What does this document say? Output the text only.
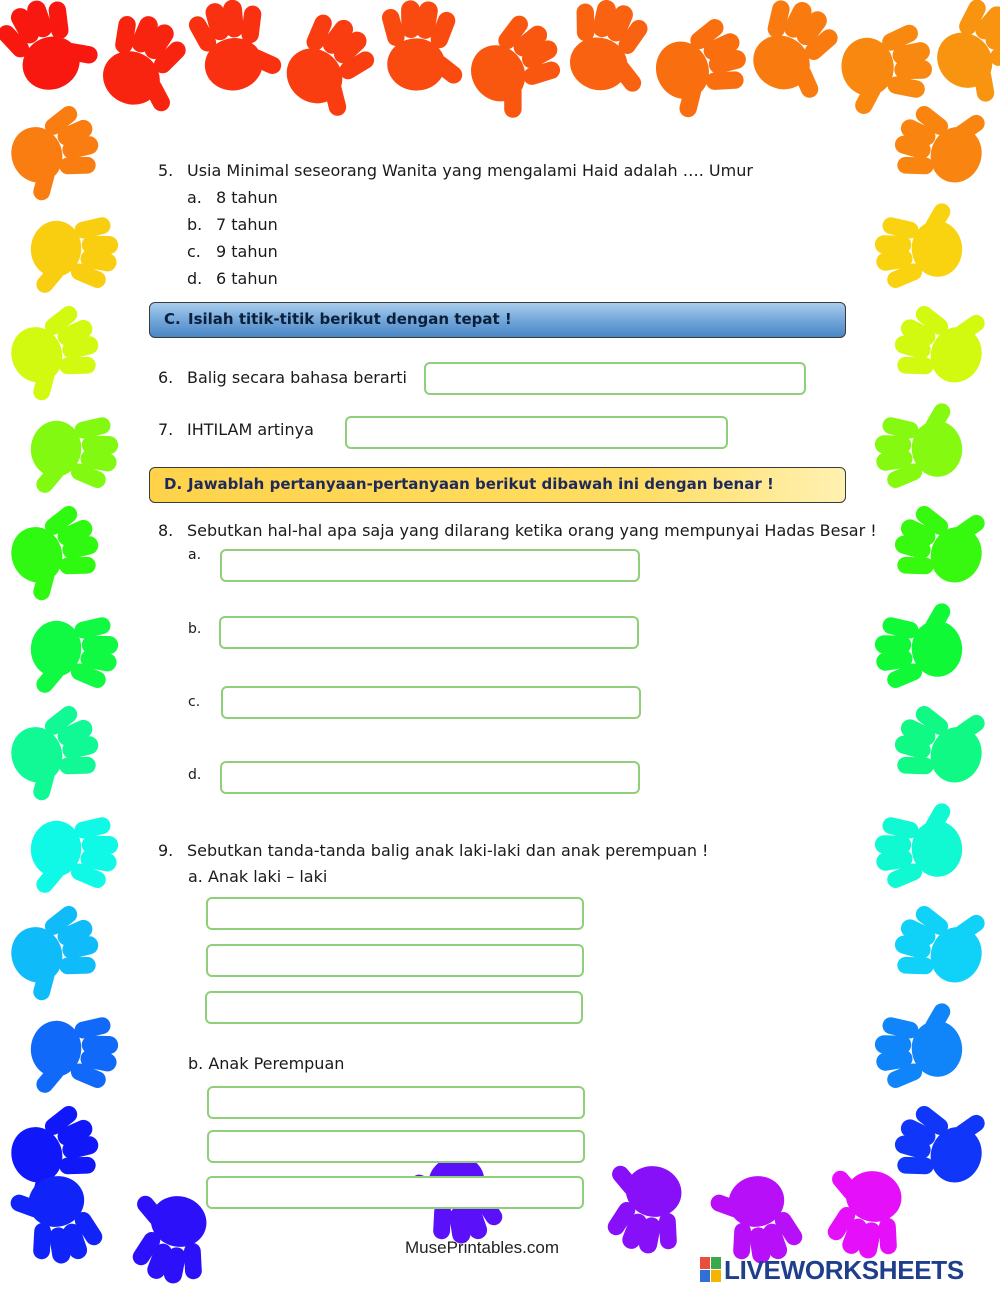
5. Usia Minimal seseorang Wanita yang mengalami Haid adalah …. Umur
a. 8 tahun
b. 7 tahun
c. 9 tahun
d. 6 tahun
C. Isilah titik-titik berikut dengan tepat !
6. Balig secara bahasa berarti
7. IHTILAM artinya
D. Jawablah pertanyaan-pertanyaan berikut dibawah ini dengan benar !
8. Sebutkan hal-hal apa saja yang dilarang ketika orang yang mempunyai Hadas Besar !
a.
b.
c.
d.
9. Sebutkan tanda-tanda balig anak laki-laki dan anak perempuan !
a. Anak laki – laki
b. Anak Perempuan
MusePrintables.com
LIVEWORKSHEETS
